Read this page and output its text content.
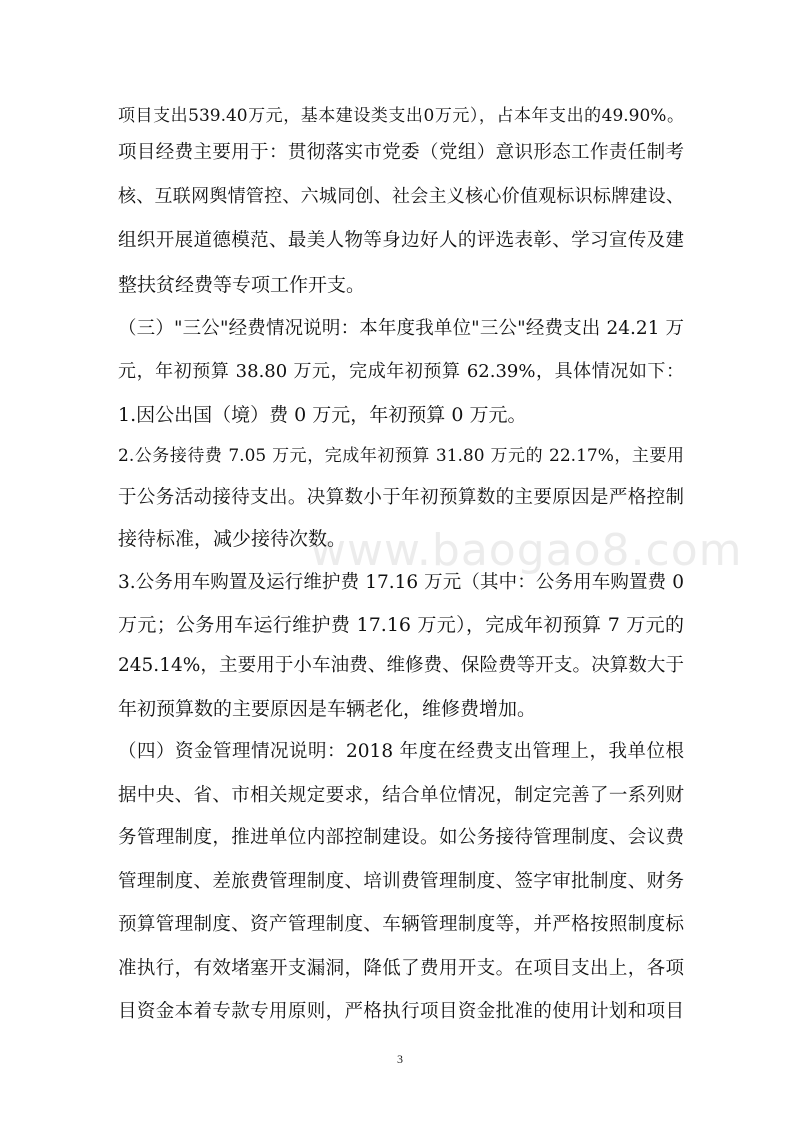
www.baogao8.com
项目支出539.40万元，基本建设类支出0万元），占本年支出的49.90%。
项目经费主要用于：贯彻落实市党委（党组）意识形态工作责任制考
核、互联网舆情管控、六城同创、社会主义核心价值观标识标牌建设、
组织开展道德模范、最美人物等身边好人的评选表彰、学习宣传及建
整扶贫经费等专项工作开支。
（三）"三公"经费情况说明：本年度我单位"三公"经费支出 24.21 万
元，年初预算 38.80 万元，完成年初预算 62.39%，具体情况如下：
1.因公出国（境）费 0 万元，年初预算 0 万元。
2.公务接待费 7.05 万元，完成年初预算 31.80 万元的 22.17%，主要用
于公务活动接待支出。决算数小于年初预算数的主要原因是严格控制
接待标准，减少接待次数。
3.公务用车购置及运行维护费 17.16 万元（其中：公务用车购置费 0
万元；公务用车运行维护费 17.16 万元），完成年初预算 7 万元的
245.14%，主要用于小车油费、维修费、保险费等开支。决算数大于
年初预算数的主要原因是车辆老化，维修费增加。
（四）资金管理情况说明：2018 年度在经费支出管理上，我单位根
据中央、省、市相关规定要求，结合单位情况，制定完善了一系列财
务管理制度，推进单位内部控制建设。如公务接待管理制度、会议费
管理制度、差旅费管理制度、培训费管理制度、签字审批制度、财务
预算管理制度、资产管理制度、车辆管理制度等，并严格按照制度标
准执行，有效堵塞开支漏洞，降低了费用开支。在项目支出上，各项
目资金本着专款专用原则，严格执行项目资金批准的使用计划和项目
3
